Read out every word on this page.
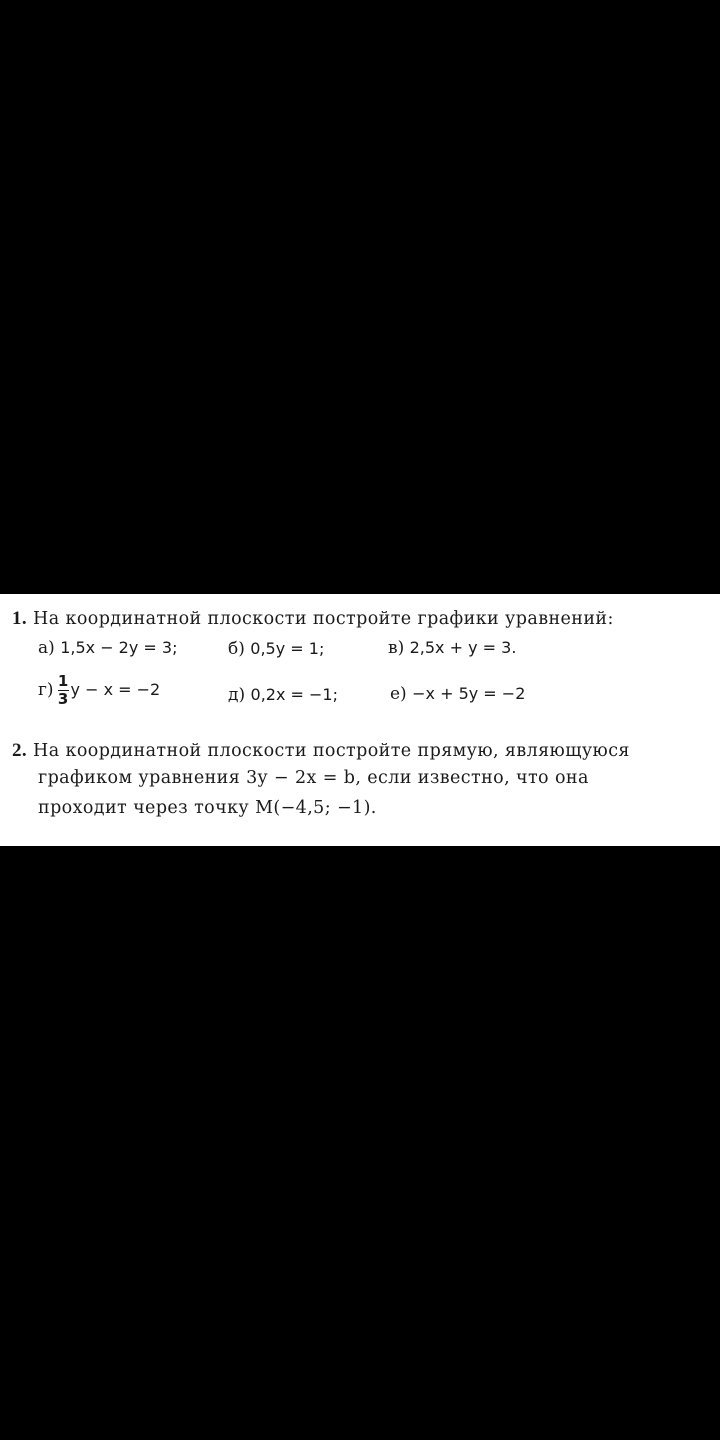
1. На координатной плоскости постройте графики уравнений:
а) 1,5x − 2y = 3;	б) 0,5y = 1;	в) 2,5x + y = 3.
$г) \frac{1}{3}$ y − x = −2	д) 0,2x = −1;	е) −x + 5y = −2
2. На координатной плоскости постройте прямую, являющуюся
графиком уравнения 3y − 2x = b, если известно, что она
проходит через точку M(−4,5; −1).
